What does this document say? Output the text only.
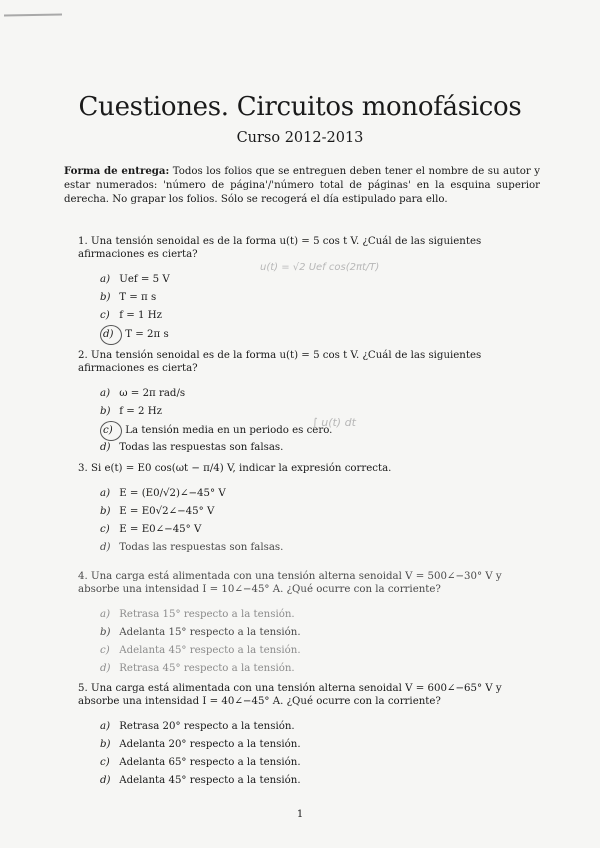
Cuestiones. Circuitos monofásicos
Curso 2012-2013
Forma de entrega: Todos los folios que se entreguen deben tener el nombre de su autor y estar numerados: 'número de página'/'número total de páginas' en la esquina superior derecha. No grapar los folios. Sólo se recogerá el día estipulado para ello.
1. Una tensión senoidal es de la forma u(t) = 5 cos t V. ¿Cuál de las siguientes afirmaciones es cierta?
a) Uef = 5 V
b) T = π s
c) f = 1 Hz
d) T = 2π s
u(t) = √2 Uef cos(2πt/T)
2. Una tensión senoidal es de la forma u(t) = 5 cos t V. ¿Cuál de las siguientes afirmaciones es cierta?
a) ω = 2π rad/s
b) f = 2 Hz
c) La tensión media en un periodo es cero.
d) Todas las respuestas son falsas.
∫ u(t) dt
3. Si e(t) = E0 cos(ωt − π/4) V, indicar la expresión correcta.
a) E = (E0/√2)∠−45° V
b) E = E0√2∠−45° V
c) E = E0∠−45° V
d) Todas las respuestas son falsas.
4. Una carga está alimentada con una tensión alterna senoidal V = 500∠−30° V y absorbe una intensidad I = 10∠−45° A. ¿Qué ocurre con la corriente?
a) Retrasa 15° respecto a la tensión.
b) Adelanta 15° respecto a la tensión.
c) Adelanta 45° respecto a la tensión.
d) Retrasa 45° respecto a la tensión.
5. Una carga está alimentada con una tensión alterna senoidal V = 600∠−65° V y absorbe una intensidad I = 40∠−45° A. ¿Qué ocurre con la corriente?
a) Retrasa 20° respecto a la tensión.
b) Adelanta 20° respecto a la tensión.
c) Adelanta 65° respecto a la tensión.
d) Adelanta 45° respecto a la tensión.
1
